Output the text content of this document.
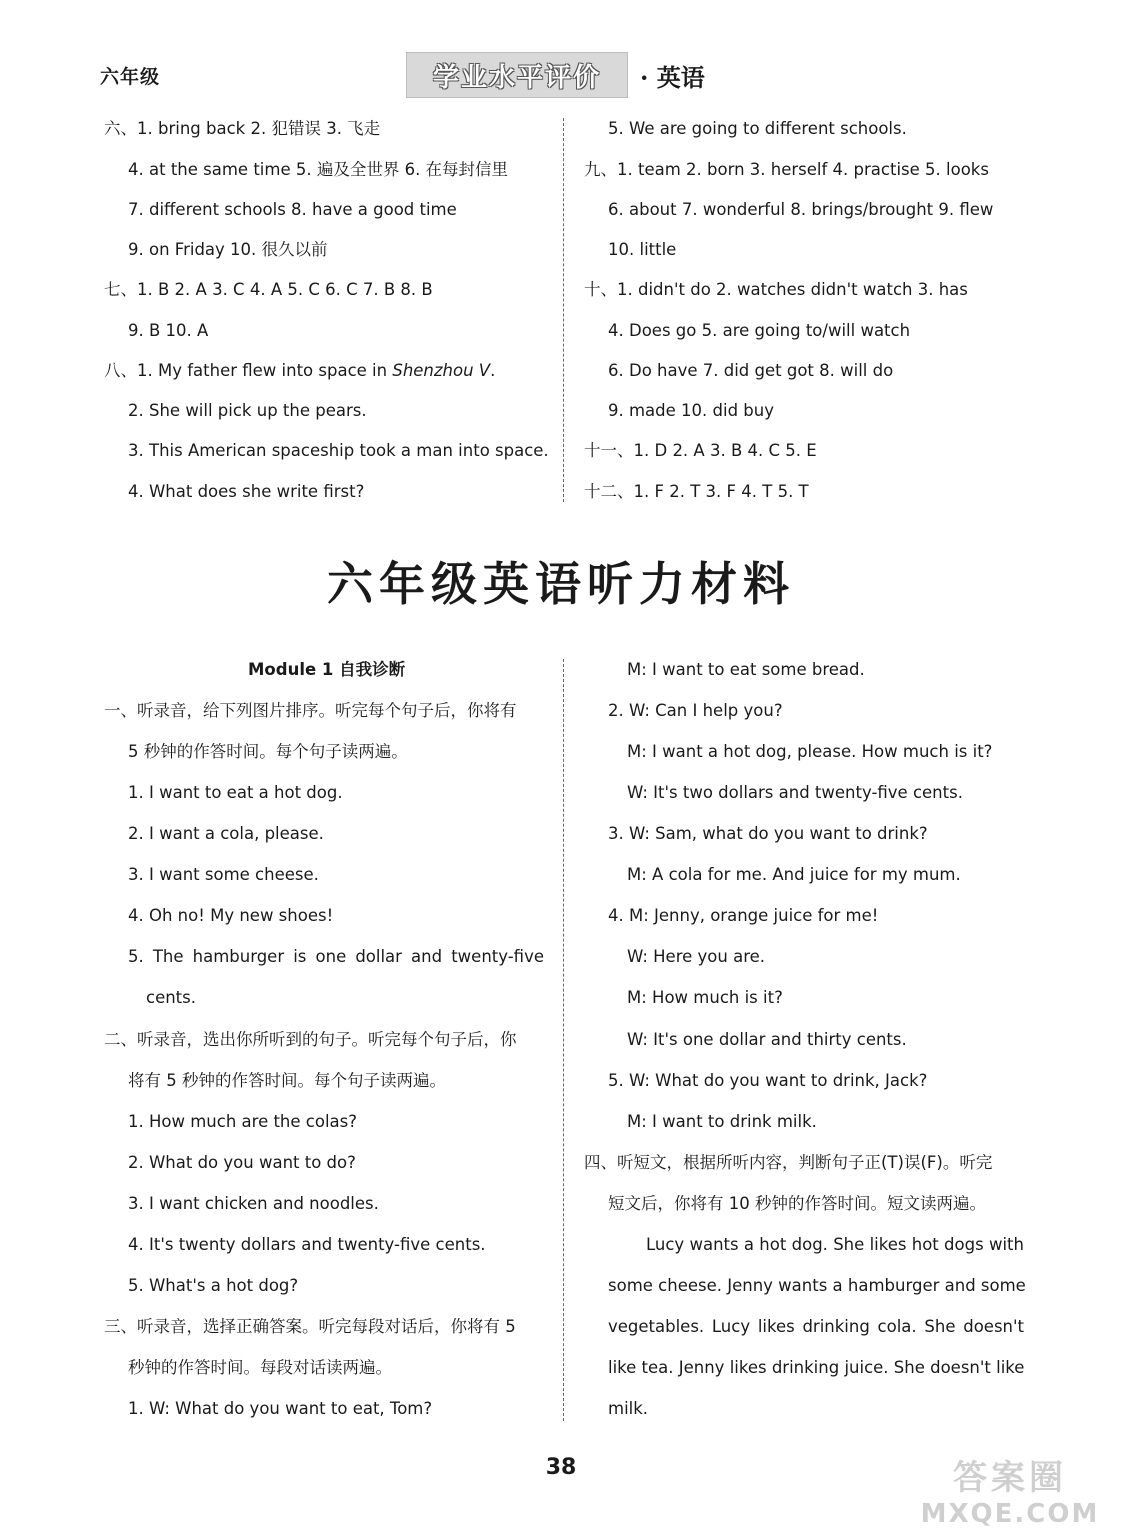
六年级	学业水平评价 · 英语
六、1. bring back 2. 犯错误 3. 飞走
4. at the same time 5. 遍及全世界 6. 在每封信里
7. different schools 8. have a good time
9. on Friday 10. 很久以前
七、1. B 2. A 3. C 4. A 5. C 6. C 7. B 8. B
9. B 10. A
八、1. My father flew into space in Shenzhou V.
2. She will pick up the pears.
3. This American spaceship took a man into space.
4. What does she write first?
5. We are going to different schools.
九、1. team 2. born 3. herself 4. practise 5. looks
6. about 7. wonderful 8. brings/brought 9. flew
10. little
十、1. didn't do 2. watches didn't watch 3. has
4. Does go 5. are going to/will watch
6. Do have 7. did get got 8. will do
9. made 10. did buy
十一、1. D 2. A 3. B 4. C 5. E
十二、1. F 2. T 3. F 4. T 5. T
六年级英语听力材料
Module 1 自我诊断
一、听录音，给下列图片排序。听完每个句子后，你将有
5 秒钟的作答时间。每个句子读两遍。
1. I want to eat a hot dog.
2. I want a cola, please.
3. I want some cheese.
4. Oh no! My new shoes!
5. The hamburger is one dollar and twenty-five
cents.
二、听录音，选出你所听到的句子。听完每个句子后，你
将有 5 秒钟的作答时间。每个句子读两遍。
1. How much are the colas?
2. What do you want to do?
3. I want chicken and noodles.
4. It's twenty dollars and twenty-five cents.
5. What's a hot dog?
三、听录音，选择正确答案。听完每段对话后，你将有 5
秒钟的作答时间。每段对话读两遍。
1. W: What do you want to eat, Tom?
M: I want to eat some bread.
2. W: Can I help you?
M: I want a hot dog, please. How much is it?
W: It's two dollars and twenty-five cents.
3. W: Sam, what do you want to drink?
M: A cola for me. And juice for my mum.
4. M: Jenny, orange juice for me!
W: Here you are.
M: How much is it?
W: It's one dollar and thirty cents.
5. W: What do you want to drink, Jack?
M: I want to drink milk.
四、听短文，根据所听内容，判断句子正(T)误(F)。听完
短文后，你将有 10 秒钟的作答时间。短文读两遍。
Lucy wants a hot dog. She likes hot dogs with
some cheese. Jenny wants a hamburger and some
vegetables. Lucy likes drinking cola. She doesn't
like tea. Jenny likes drinking juice. She doesn't like
milk.
38	答案圈
MXQE.COM
